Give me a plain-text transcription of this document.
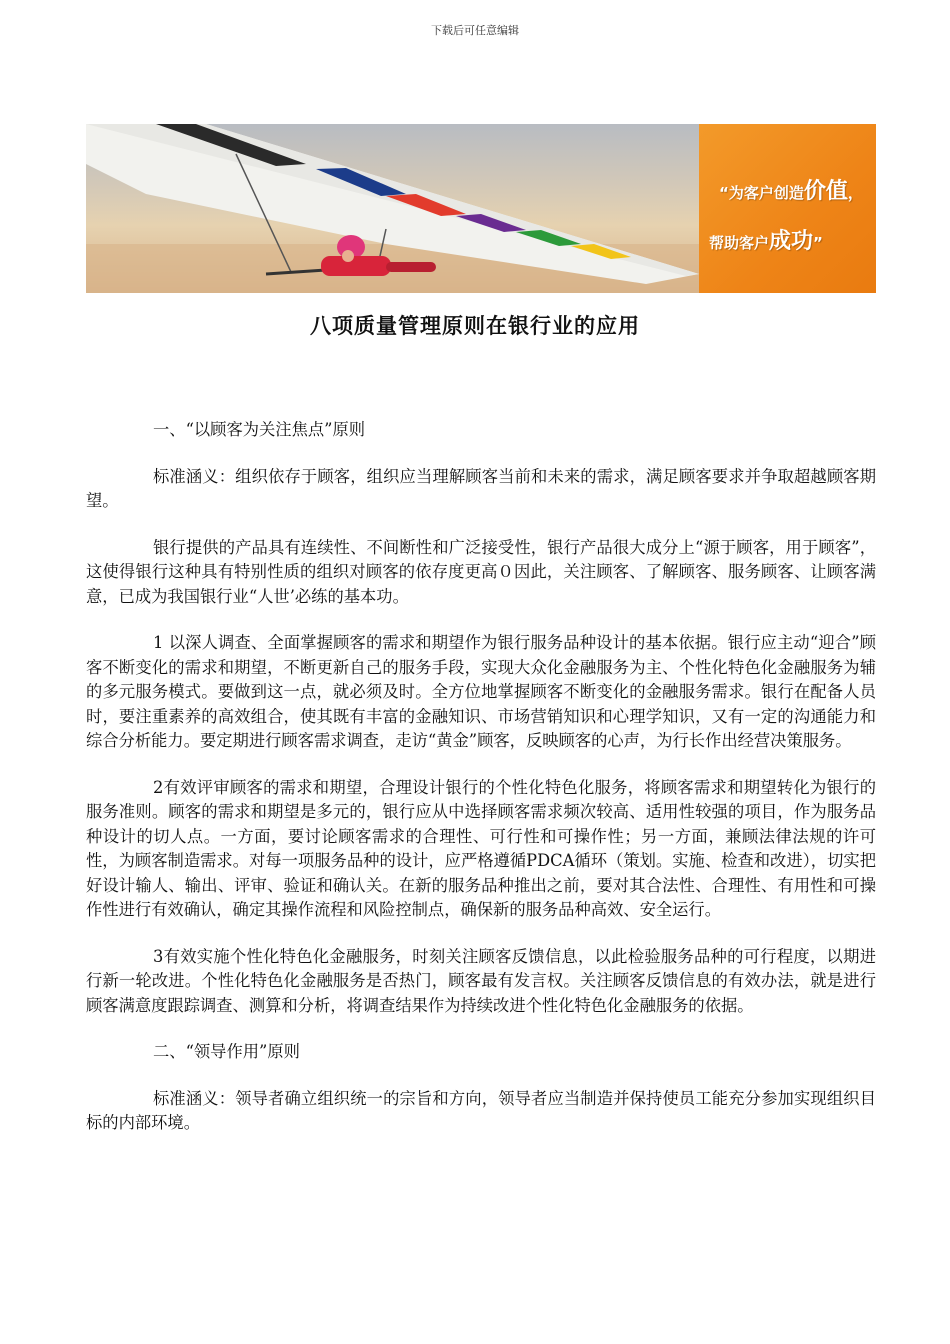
下载后可任意编辑
“为客户创造价值，
帮助客户成功”
八项质量管理原则在银行业的应用

一、“以顾客为关注焦点”原则

标准涵义：组织依存于顾客，组织应当理解顾客当前和未来的需求，满足顾客要求并争取超越顾客期望。

银行提供的产品具有连续性、不间断性和广泛接受性，银行产品很大成分上“源于顾客，用于顾客”，这使得银行这种具有特别性质的组织对顾客的依存度更高０因此，关注顾客、了解顾客、服务顾客、让顾客满意，已成为我国银行业“人世’必练的基本功。

1 以深人调查、全面掌握顾客的需求和期望作为银行服务品种设计的基本依据。银行应主动“迎合”顾客不断变化的需求和期望，不断更新自己的服务手段，实现大众化金融服务为主、个性化特色化金融服务为辅的多元服务模式。要做到这一点，就必须及时。全方位地掌握顾客不断变化的金融服务需求。银行在配备人员时，要注重素养的高效组合，使其既有丰富的金融知识、市场营销知识和心理学知识，又有一定的沟通能力和综合分析能力。要定期进行顾客需求调查，走访“黄金”顾客，反映顾客的心声，为行长作出经营决策服务。

2有效评审顾客的需求和期望，合理设计银行的个性化特色化服务，将顾客需求和期望转化为银行的服务准则。顾客的需求和期望是多元的，银行应从中选择顾客需求频次较高、适用性较强的项目，作为服务品种设计的切人点。一方面，要讨论顾客需求的合理性、可行性和可操作性；另一方面，兼顾法律法规的许可性，为顾客制造需求。对每一项服务品种的设计，应严格遵循PDCA循环（策划。实施、检查和改进），切实把好设计输人、输出、评审、验证和确认关。在新的服务品种推出之前，要对其合法性、合理性、有用性和可操作性进行有效确认，确定其操作流程和风险控制点，确保新的服务品种高效、安全运行。

3有效实施个性化特色化金融服务，时刻关注顾客反馈信息，以此检验服务品种的可行程度，以期进行新一轮改进。个性化特色化金融服务是否热门，顾客最有发言权。关注顾客反馈信息的有效办法，就是进行顾客满意度跟踪调查、测算和分析，将调查结果作为持续改进个性化特色化金融服务的依据。

二、“领导作用”原则

标准涵义：领导者确立组织统一的宗旨和方向，领导者应当制造并保持使员工能充分参加实现组织目标的内部环境。
